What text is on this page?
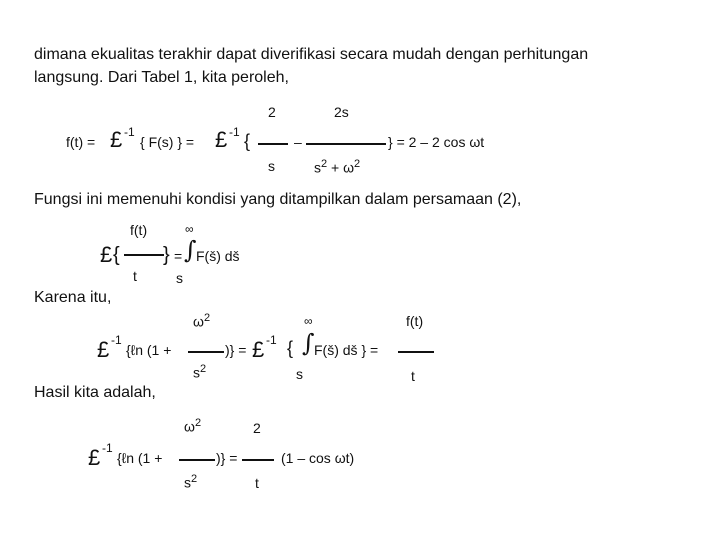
dimana ekualitas terakhir dapat diverifikasi secara mudah dengan perhitungan
langsung. Dari Tabel 1, kita peroleh,
Fungsi ini memenuhi kondisi yang ditampilkan dalam persamaan (2),
Karena itu,
Hasil kita adalah,
f(t) = £ -1
{ F(s) } = £ -1 {
2
s
–
2s
$s^2 + \omega^2$
} = 2 – 2 cos ωt
£ {
f(t)
t
} =
∞
∫
s
F(š) dš
£ -1
{ℓn (1 +
$\omega^2$
$s^2$
)} = £ -1 {
∞
∫
s
F(š) dš } =
f(t)
t
£ -1
{ℓn (1 +
$\omega^2$
$s^2$
)} =
2
t
(1 – cos ωt)
